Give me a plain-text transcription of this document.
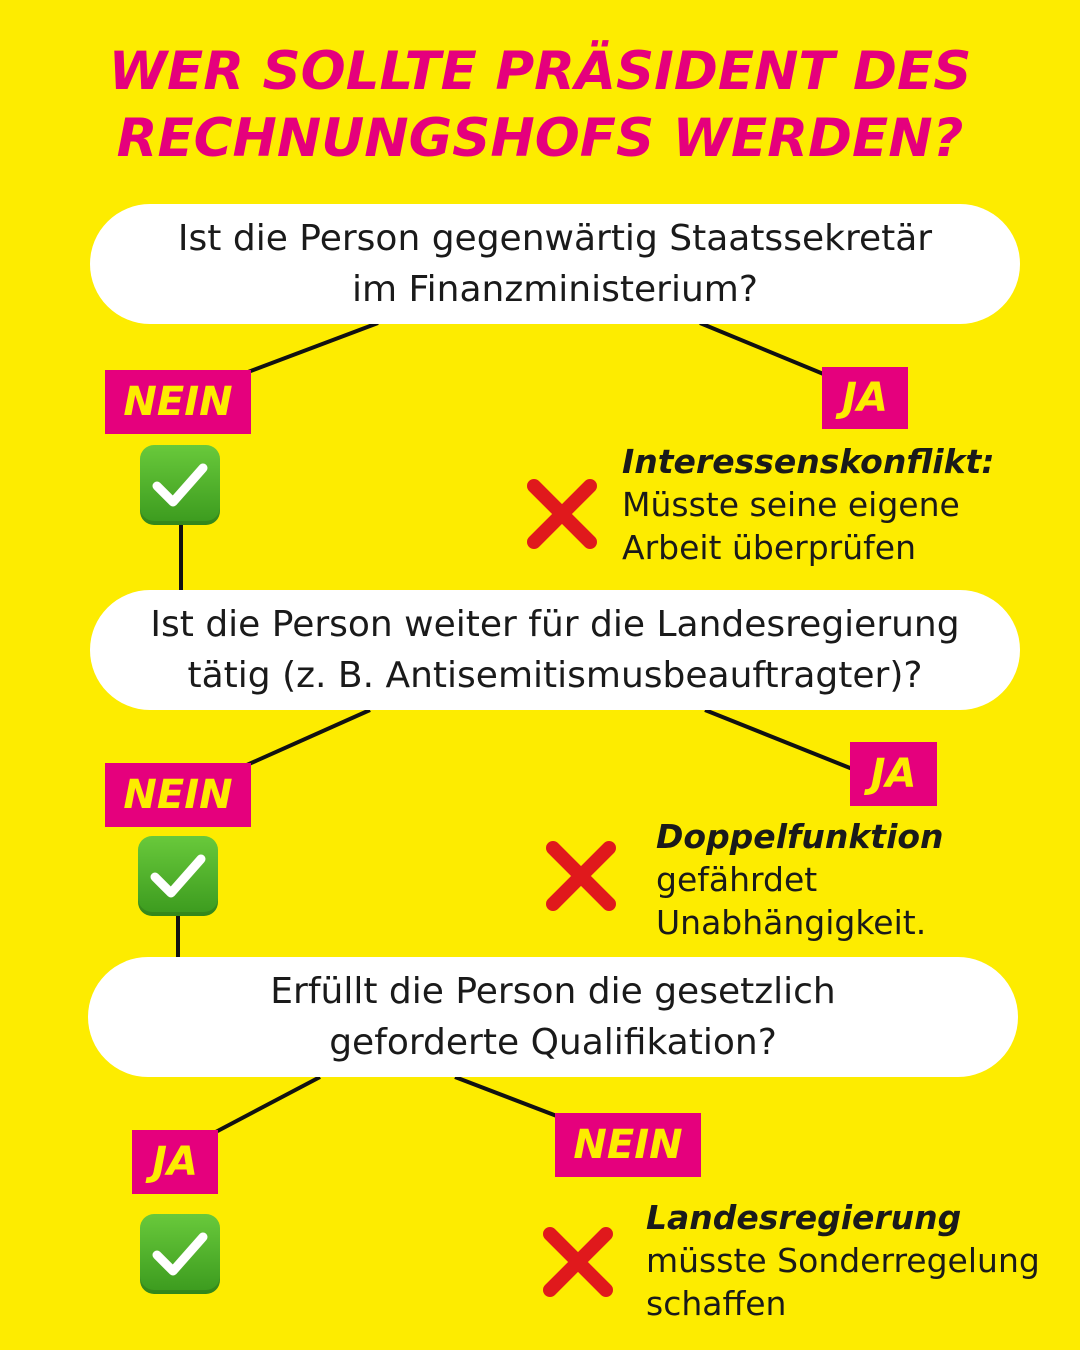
WER SOLLTE PRÄSIDENT DES
RECHNUNGSHOFS WERDEN?
Ist die Person gegenwärtig Staatssekretär
im Finanzministerium?
NEIN	JA
Interessenskonflikt:
Müsste seine eigene
Arbeit überprüfen
Ist die Person weiter für die Landesregierung
tätig (z. B. Antisemitismusbeauftragter)?
NEIN	JA
Doppelfunktion
gefährdet
Unabhängigkeit.
Erfüllt die Person die gesetzlich
geforderte Qualifikation?
JA	NEIN
Landesregierung
müsste Sonderregelung
schaffen
